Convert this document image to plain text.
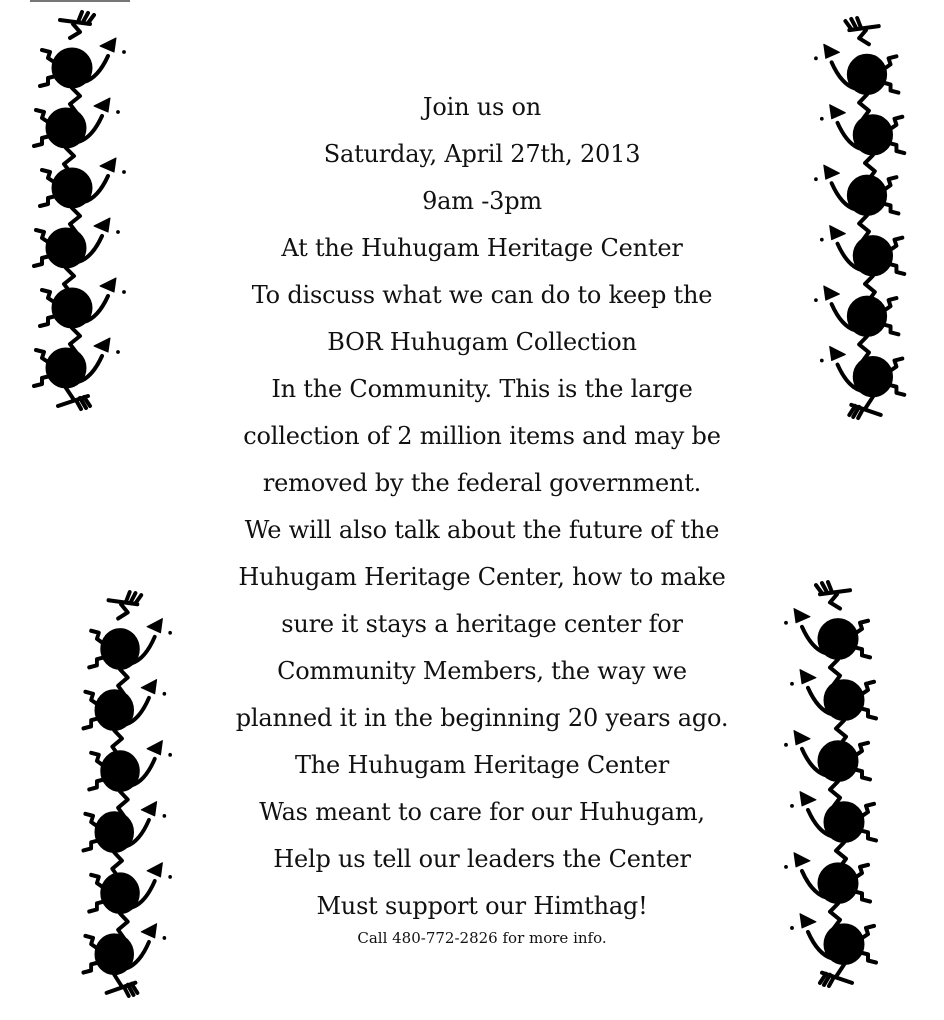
Join us on
Saturday, April 27th, 2013
9am -3pm
At the Huhugam Heritage Center
To discuss what we can do to keep the
BOR Huhugam Collection
In the Community. This is the large
collection of 2 million items and may be
removed by the federal government.
We will also talk about the future of the
Huhugam Heritage Center, how to make
sure it stays a heritage center for
Community Members, the way we
planned it in the beginning 20 years ago.
The Huhugam Heritage Center
Was meant to care for our Huhugam,
Help us tell our leaders the Center
Must support our Himthag!
Call 480-772-2826 for more info.
